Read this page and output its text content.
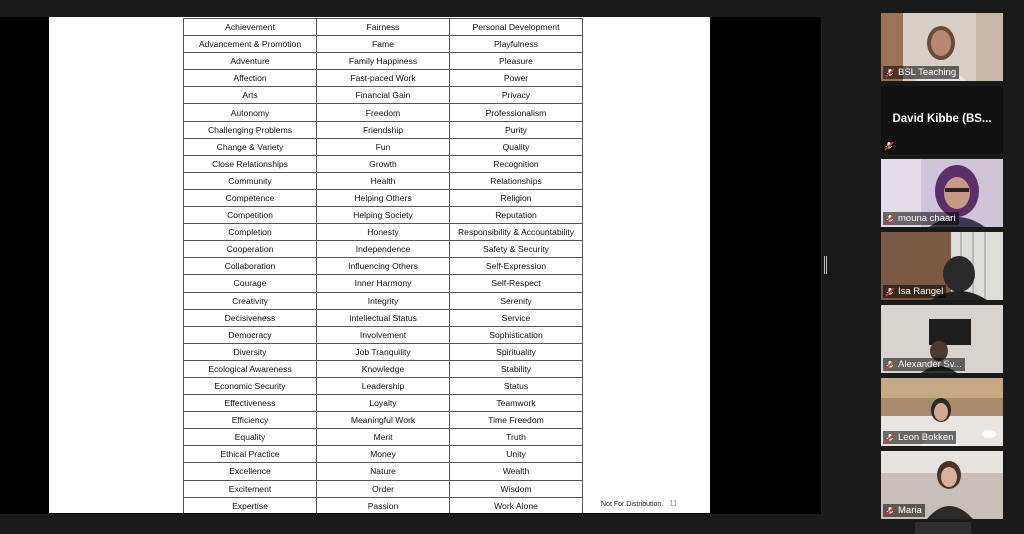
Achievement	Fairness	Personal Development
Advancement & Promotion	Fame	Playfulness
Adventure	Family Happiness	Pleasure
Affection	Fast-paced Work	Power
Arts	Financial Gain	Privacy
Autonomy	Freedom	Professionalism
Challenging Problems	Friendship	Purity
Change & Variety	Fun	Quality
Close Relationships	Growth	Recognition
Community	Health	Relationships
Competence	Helping Others	Religion
Competition	Helping Society	Reputation
Completion	Honesty	Responsibility & Accountability
Cooperation	Independence	Safety & Security
Collaboration	Influencing Others	Self-Expression
Courage	Inner Harmony	Self-Respect
Creativity	Integrity	Serenity
Decisiveness	Intellectual Status	Service
Democracy	Involvement	Sophistication
Diversity	Job Tranquility	Spirituality
Ecological Awareness	Knowledge	Stability
Economic Security	Leadership	Status
Effectiveness	Loyalty	Teamwork
Efficiency	Meaningful Work	Time Freedom
Equality	Merit	Truth
Ethical Practice	Money	Unity
Excellence	Nature	Wealth
Excitement	Order	Wisdom
Expertise	Passion	Work Alone	Not For Distribution. 11
BSL Teaching
David Kibbe (BS...
mouna chaari
Isa Rangel
Alexander Sv...
Leon Bokken
Maria
